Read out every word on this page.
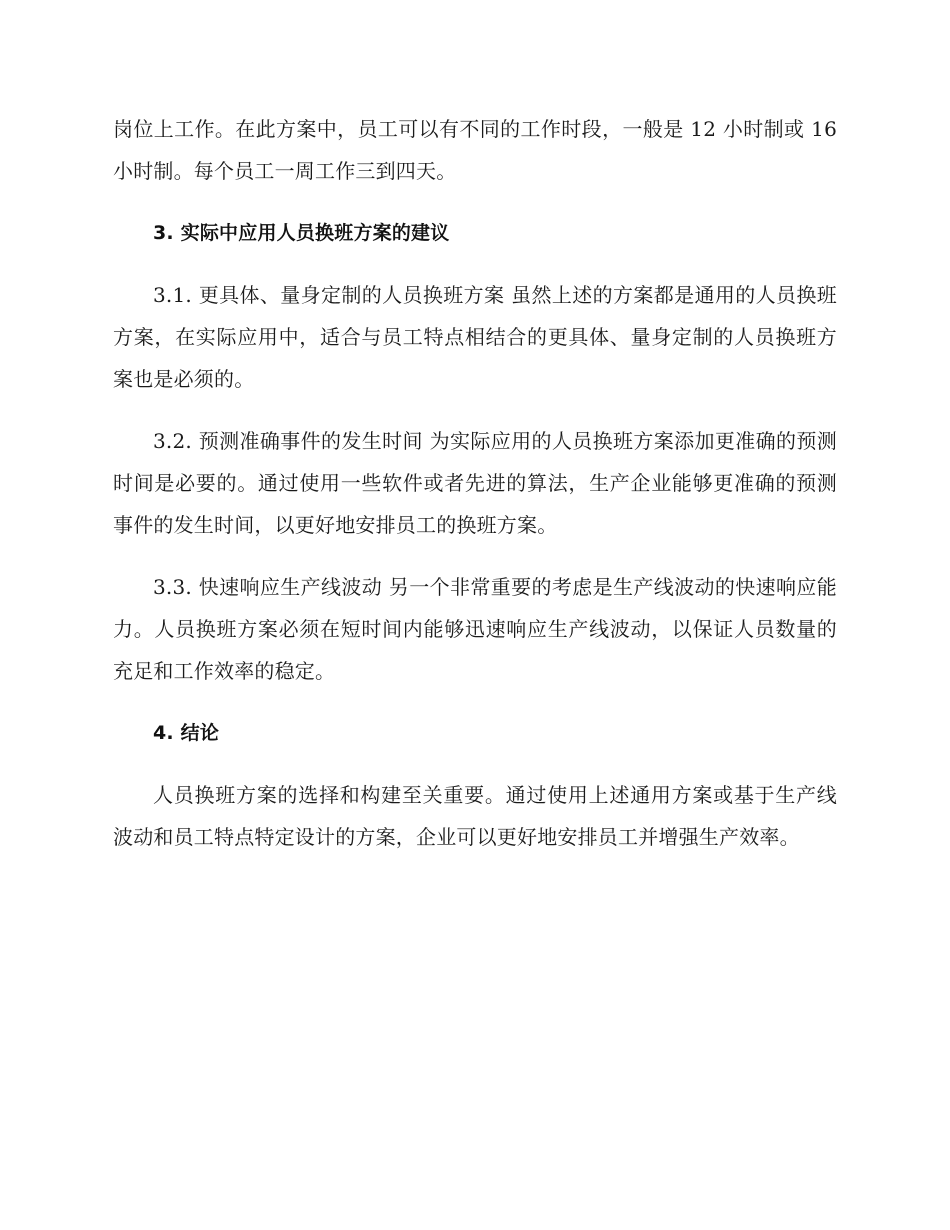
岗位上工作。在此方案中，员工可以有不同的工作时段，一般是 12 小时制或 16 小时制。每个员工一周工作三到四天。

3. 实际中应用人员换班方案的建议

3.1. 更具体、量身定制的人员换班方案 虽然上述的方案都是通用的人员换班方案，在实际应用中，适合与员工特点相结合的更具体、量身定制的人员换班方案也是必须的。

3.2. 预测准确事件的发生时间 为实际应用的人员换班方案添加更准确的预测时间是必要的。通过使用一些软件或者先进的算法，生产企业能够更准确的预测事件的发生时间，以更好地安排员工的换班方案。

3.3. 快速响应生产线波动 另一个非常重要的考虑是生产线波动的快速响应能力。人员换班方案必须在短时间内能够迅速响应生产线波动，以保证人员数量的充足和工作效率的稳定。

4. 结论

人员换班方案的选择和构建至关重要。通过使用上述通用方案或基于生产线波动和员工特点特定设计的方案，企业可以更好地安排员工并增强生产效率。
